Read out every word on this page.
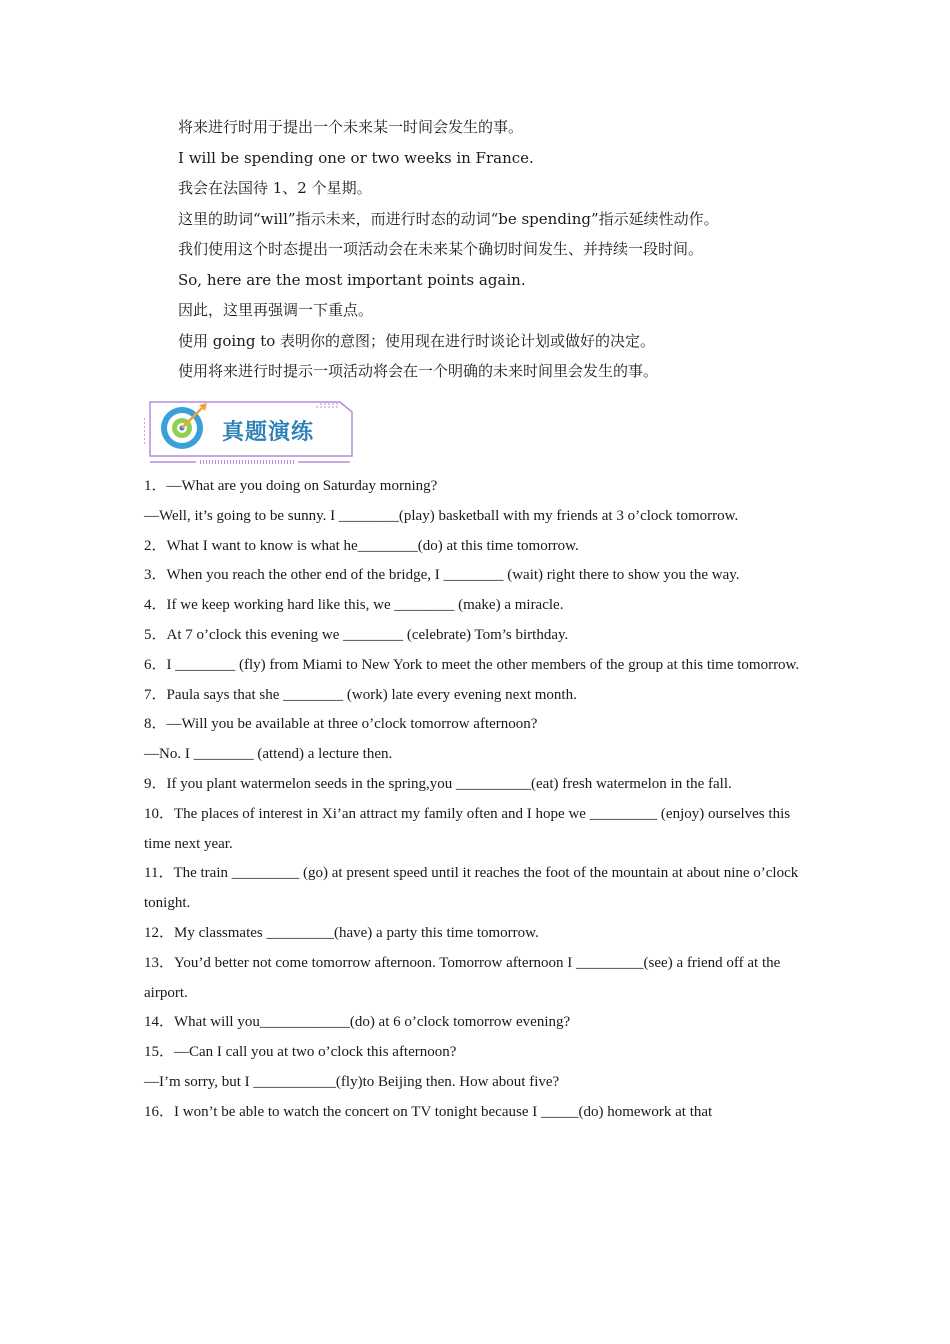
将来进行时用于提出一个未来某一时间会发生的事。

I will be spending one or two weeks in France.

我会在法国待 1、2 个星期。

这里的助词“will”指示未来，而进行时态的动词“be spending”指示延续性动作。

我们使用这个时态提出一项活动会在未来某个确切时间发生、并持续一段时间。

So, here are the most important points again.

因此，这里再强调一下重点。

使用 going to 表明你的意图；使用现在进行时谈论计划或做好的决定。

使用将来进行时提示一项活动将会在一个明确的未来时间里会发生的事。

真题演练

1．—What are you doing on Saturday morning?

—Well, it’s going to be sunny. I ________(play) basketball with my friends at 3 o’clock tomorrow.

2．What I want to know is what he________(do) at this time tomorrow.

3．When you reach the other end of the bridge, I ________ (wait) right there to show you the way.

4．If we keep working hard like this, we ________ (make) a miracle.

5．At 7 o’clock this evening we ________ (celebrate) Tom’s birthday.

6．I ________ (fly) from Miami to New York to meet the other members of the group at this time tomorrow.

7．Paula says that she ________ (work) late every evening next month.

8．—Will you be available at three o’clock tomorrow afternoon?

—No. I ________ (attend) a lecture then.

9．If you plant watermelon seeds in the spring,you __________(eat) fresh watermelon in the fall.

10．The places of interest in Xi’an attract my family often and I hope we _________ (enjoy) ourselves this time next year.

11．The train _________ (go) at present speed until it reaches the foot of the mountain at about nine o’clock tonight.

12．My classmates _________(have) a party this time tomorrow.

13．You’d better not come tomorrow afternoon. Tomorrow afternoon I _________(see) a friend off at the airport.

14．What will you____________(do) at 6 o’clock tomorrow evening?

15．—Can I call you at two o’clock this afternoon?

—I’m sorry, but I ___________(fly)to Beijing then. How about five?

16．I won’t be able to watch the concert on TV tonight because I _____(do) homework at that
